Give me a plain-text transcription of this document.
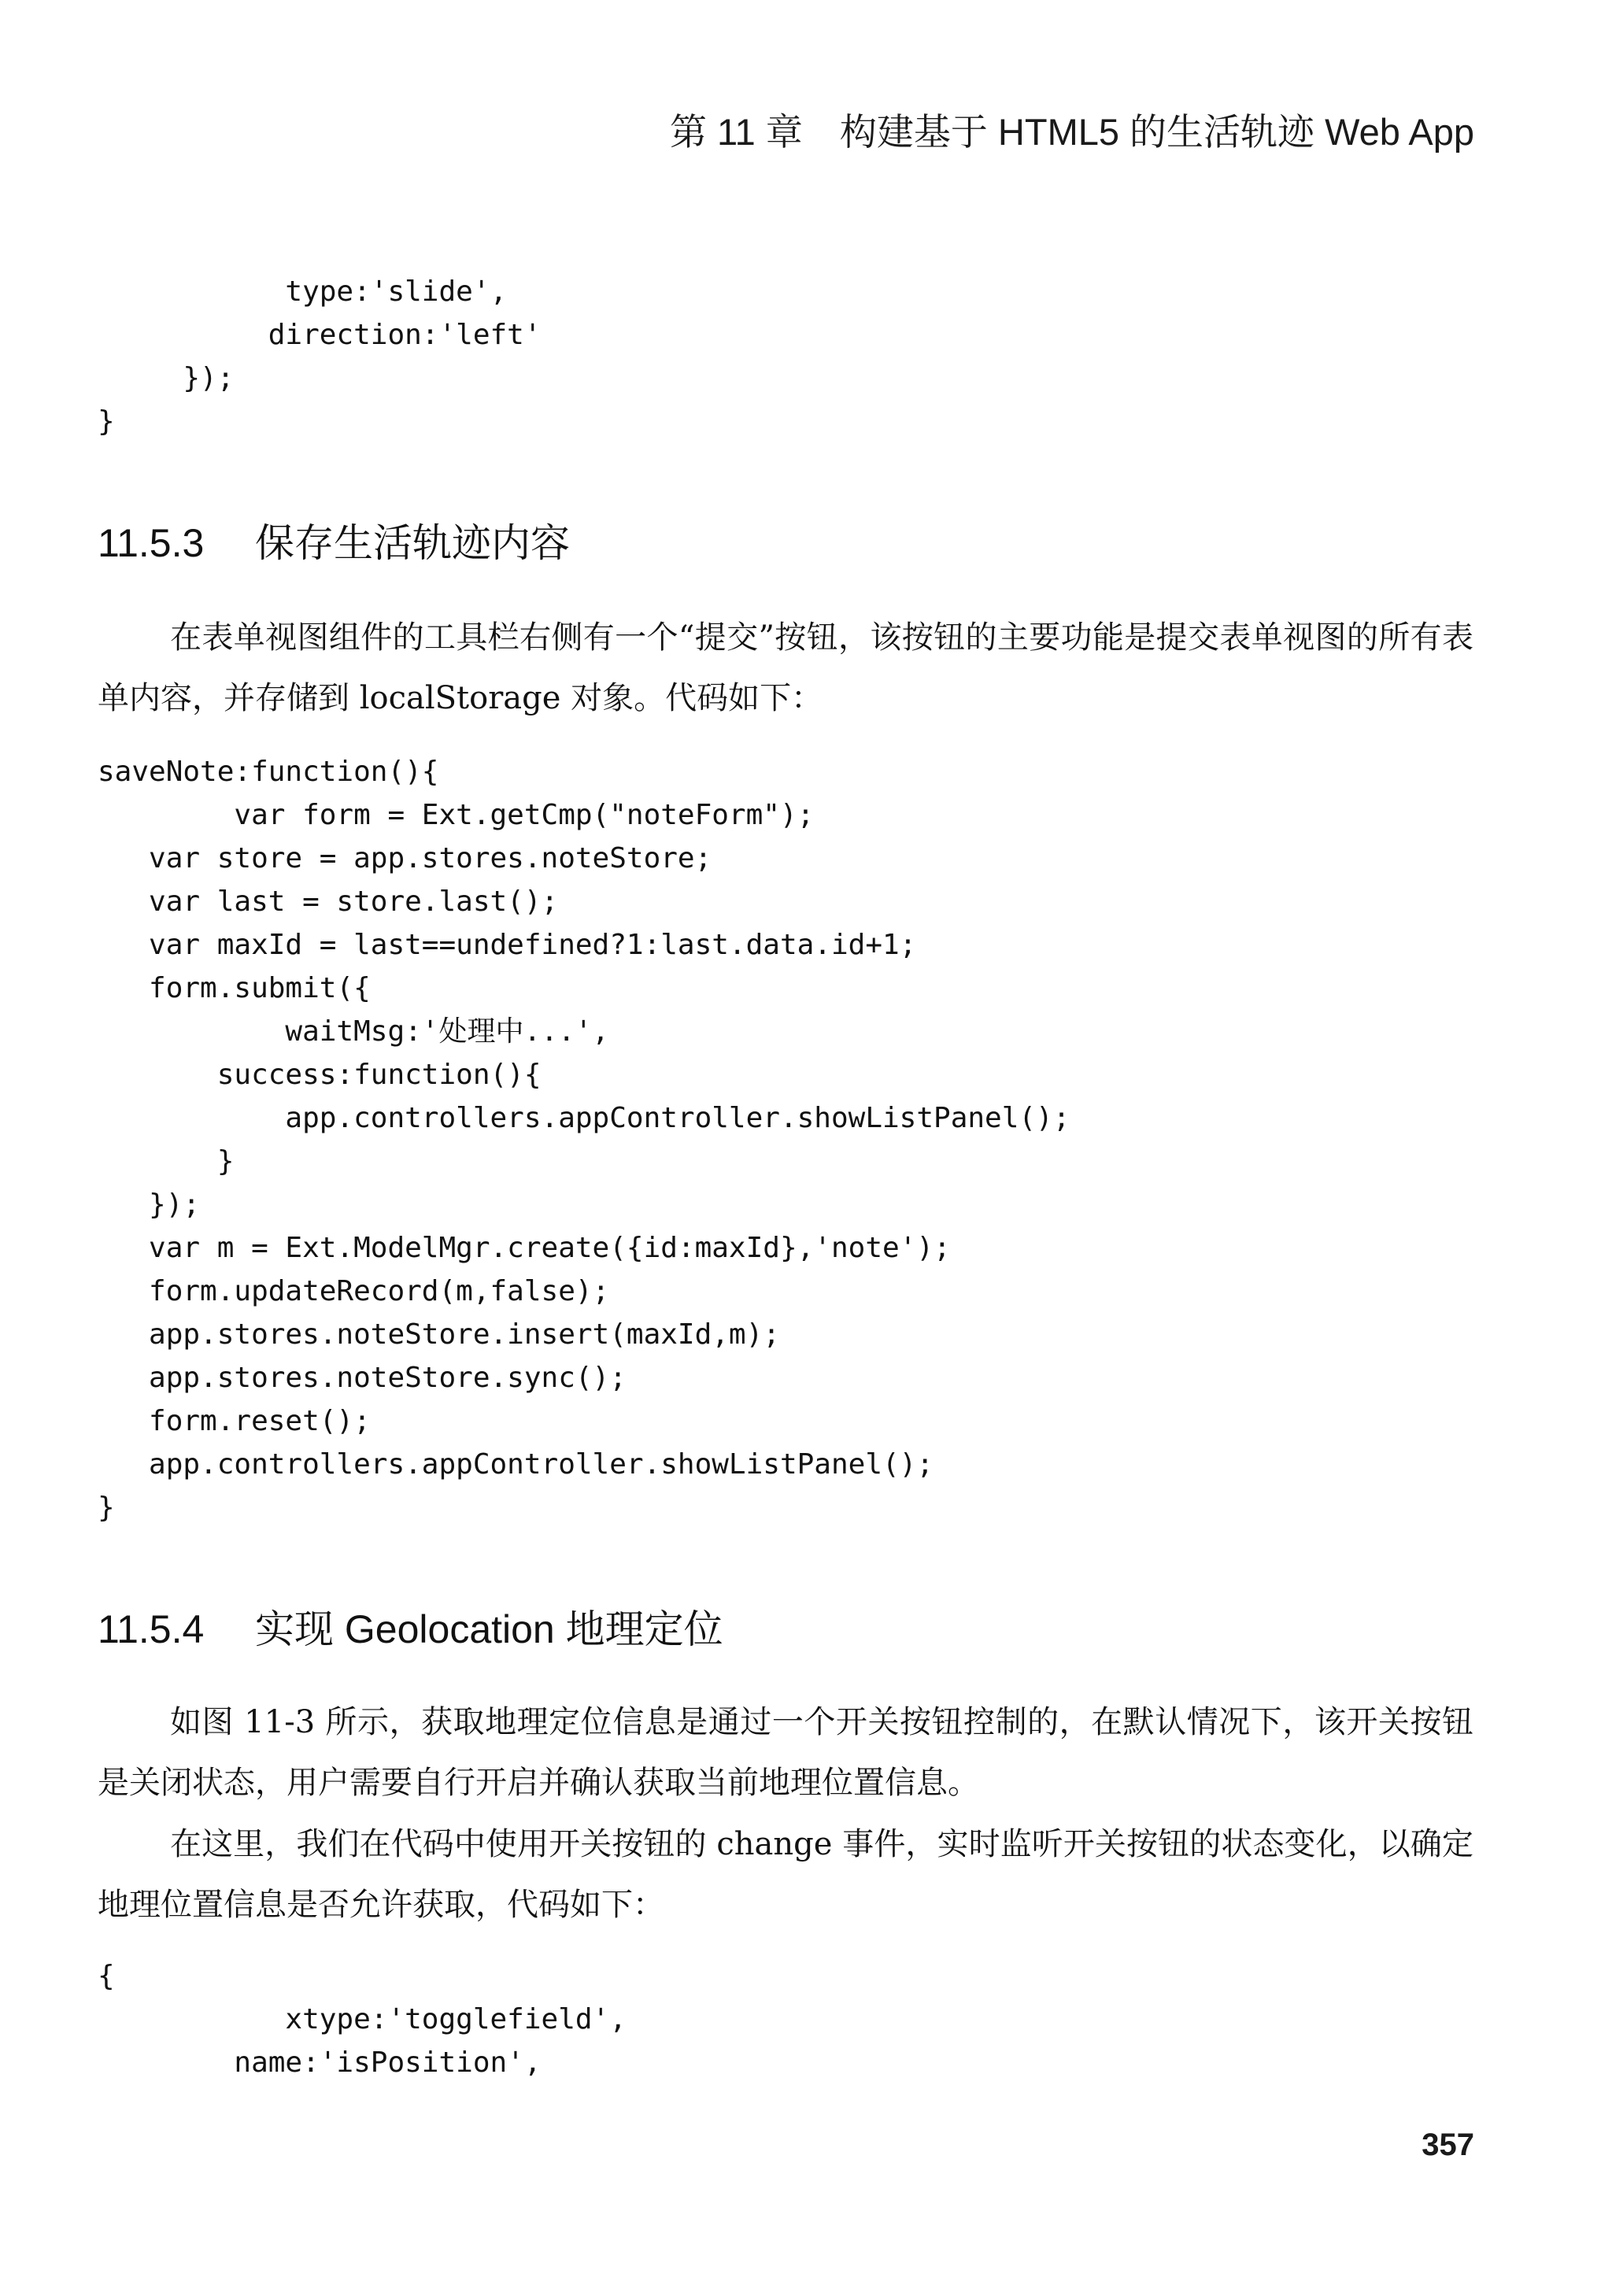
第 11 章　构建基于 HTML5 的生活轨迹 Web App
type:'slide',
direction:'left'
});
}
11.5.3 保存生活轨迹内容

在表单视图组件的工具栏右侧有一个“提交”按钮，该按钮的主要功能是提交表单视图的所有表单内容，并存储到 localStorage 对象。代码如下：

saveNote:function(){
var form = Ext.getCmp("noteForm");
var store = app.stores.noteStore;
var last = store.last();
var maxId = last==undefined?1:last.data.id+1;
form.submit({
waitMsg:'处理中...',
success:function(){
app.controllers.appController.showListPanel();
}
});
var m = Ext.ModelMgr.create({id:maxId},'note');
form.updateRecord(m,false);
app.stores.noteStore.insert(maxId,m);
app.stores.noteStore.sync();
form.reset();
app.controllers.appController.showListPanel();
}
11.5.4 实现 Geolocation 地理定位

如图 11-3 所示，获取地理定位信息是通过一个开关按钮控制的，在默认情况下，该开关按钮是关闭状态，用户需要自行开启并确认获取当前地理位置信息。

在这里，我们在代码中使用开关按钮的 change 事件，实时监听开关按钮的状态变化，以确定地理位置信息是否允许获取，代码如下：

{
xtype:'togglefield',
name:'isPosition',
357
